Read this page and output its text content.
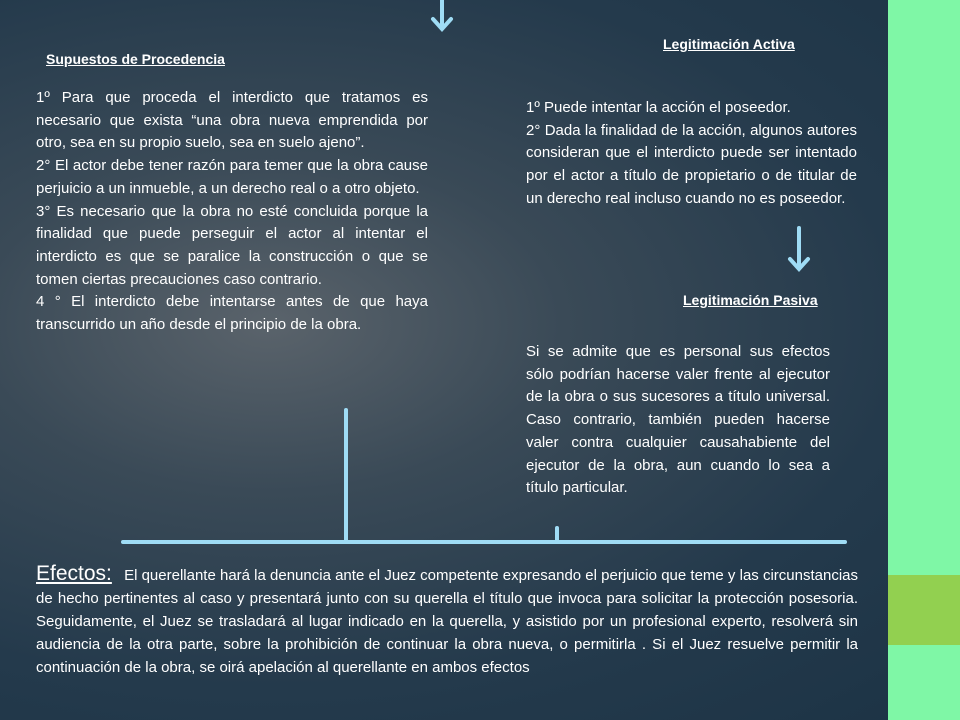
Supuestos de Procedencia

1º Para que proceda el interdicto que tratamos es necesario que exista “una obra nueva emprendida por otro, sea en su propio suelo, sea en suelo ajeno”.

2° El actor debe tener razón para temer que la obra cause perjuicio a un inmueble, a un derecho real o a otro objeto.

3° Es necesario que la obra no esté concluida porque la finalidad que puede perseguir el actor al intentar el interdicto es que se paralice la construcción o que se tomen ciertas precauciones caso contrario.

4 ° El interdicto debe intentarse antes de que haya transcurrido un año desde el principio de la obra.

Legitimación Activa

1º Puede intentar la acción el poseedor.

2° Dada la finalidad de la acción, algunos autores consideran que el interdicto puede ser intentado por el actor a título de propietario o de titular de un derecho real incluso cuando no es poseedor.

Legitimación Pasiva

Si se admite que es personal sus efectos sólo podrían hacerse valer frente al ejecutor de la obra o sus sucesores a título universal. Caso contrario, también pueden hacerse valer contra cualquier causahabiente del ejecutor de la obra, aun cuando lo sea a título particular.

Efectos: El querellante hará la denuncia ante el Juez competente expresando el perjuicio que teme y las circunstancias de hecho pertinentes al caso y presentará junto con su querella el título que invoca para solicitar la protección posesoria. Seguidamente, el Juez se trasladará al lugar indicado en la querella, y asistido por un profesional experto, resolverá sin audiencia de la otra parte, sobre la prohibición de continuar la obra nueva, o permitirla . Si el Juez resuelve permitir la continuación de la obra, se oirá apelación al querellante en ambos efectos
